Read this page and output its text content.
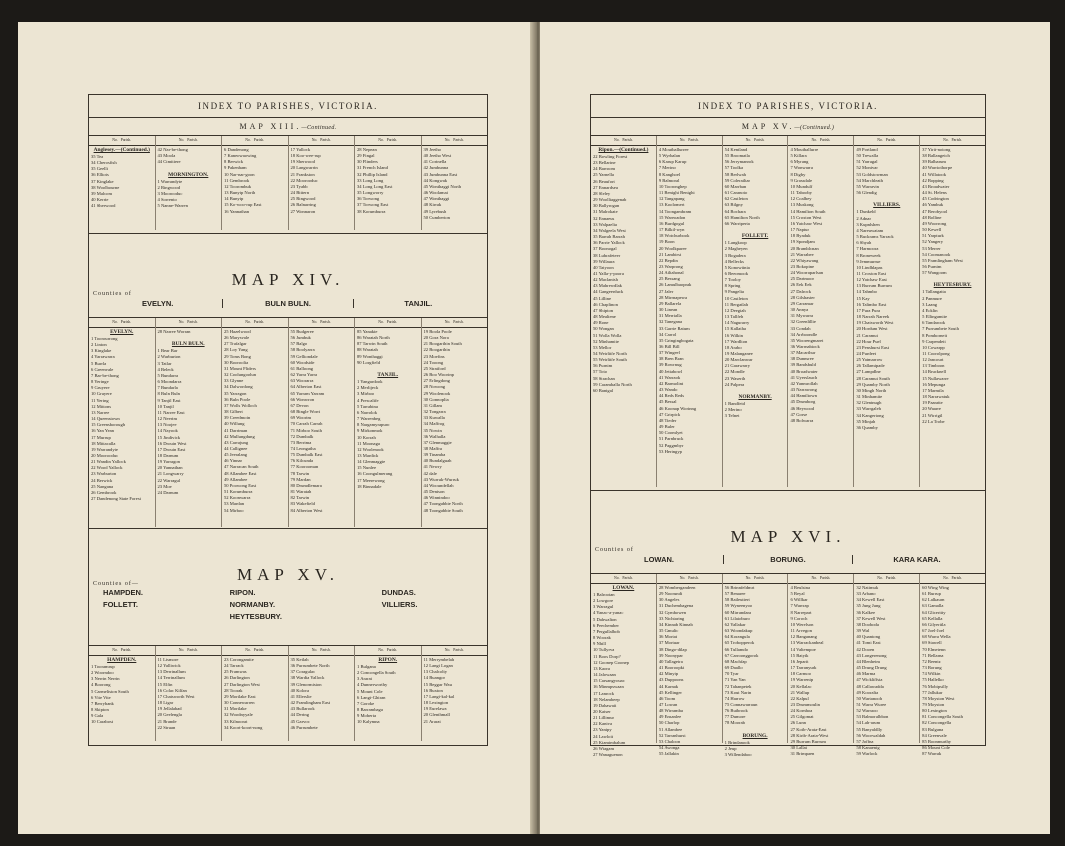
INDEX TO PARISHES, VICTORIA.
MAP XIII.—Continued.
No.   Parish.	No.   Parish.	No.   Parish.	No.   Parish.	No.   Parish.	No.   Parish.
Anglesey.—(Continued.)
35 Tea
34 Cherosfish
35 Geelli
36 Elliots
37 Kinglake
38 Woolbourne
39 Malcom
40 Kerrie
41 Sherwood
42 Nar-be-thong
43 Moola
44 Cimitiere

MORNINGTON.
1 Warrandyte
2 Ringwood
3 Moorooduc
4 Sorrento
5 Nanne-Warren
6 Dandenong
7 Kaneowaowing
8 Berwick
9 Pakenham
10 Nar-nar-goon
11 Gembrook
12 Toorombuk
13 Bunyip North
14 Bunyip
15 Ko-woo-rup East
16 Yannathan
17 Yallock
18 Koo-wee-rup
19 Sherwood
20 Langwarrin
21 Frankston
22 Moorooduc
23 Tyabb
24 Bittern
25 Ringwood
26 Balnarring
27 Wonnaron
28 Nepean
29 Fingal
30 Flinders
31 French Island
32 Phillip Island
33 Long Long
34 Long Long East
35 Longworry
36 Torwong
37 Torwong East
38 Korumburra
39 Jeetho
40 Jeetho West
41 Corinella
42 Jumbunna
43 Jumbunna East
44 Kongwak
45 Wonthaggi North
46 Woolamai
47 Wonthaggi
48 Kirrak
49 Lyrebush
50 Cumberton
MAP XIV.
Counties of
EVELYN.	BULN BULN.	TANJIL.
No.   Parish.	No.   Parish.	No.   Parish.	No.   Parish.	No.   Parish.	No.   Parish.
EVELYN.
1 Toorourrong
2 Linton
3 Kinglake
4 Yarrawarra
5 Burrla
6 Greenvale
7 Bar-be-thong
8 Yeringe
9 Gruyere
10 Gruyere
11 Yering
12 Mittons
13 Narree
14 Queenstown
15 Greensborough
16 Yan Yean
17 Murrup
18 Mittacalla
19 Warrandyte
20 Moorooduc
21 Wandin Yallock
22 Wood Yallock
23 Warburton
24 Berwick
25 Nangana
26 Gembrook
27 Dandenong State Forest
28 Narree Worran

BULN BULN.
1 Bear Bar
2 Warburton
3 Tatlar
4 Beleck
5 Bundarra
6 Moondarra
7 Bundarla
8 Buln Buln
9 Tanjil East
10 Tanjil
11 Narree East
12 Neerim
13 Noojee
14 Nayook
15 Jindivick
16 Drouin West
17 Drouin East
18 Darnum
19 Yarragon
20 Yannathan
21 Longwarry
22 Warragul
23 Moe
24 Darnum
25 Hazelwood
26 Marysvale
27 Trafalgar
28 Loy Yang
29 Toms Bong
30 Booroolia
31 Mount Fliders
32 Coolungoolun
33 Glynne
34 Dalwordong
35 Yarragon
36 Buln Poole
37 Wolls Wolloch
38 Gilbert
39 Creedmoin
40 Willung
41 Darriman
42 Mullungdung
43 Carrajung
44 Callignee
45 Jeeralang
46 Yinnar
47 Narracan South
48 Allambee East
49 Allambee
50 Poowong East
51 Korumburra
52 Koonwarra
53 Mardan
54 Mirboo
55 Budgeree
56 Jumbuk
57 Balgo
58 Boolyarra
59 Gelliondale
60 Woodside
61 Balloong
62 Yarra Yarra
63 Woorarra
64 Alberton East
65 Yarram Yarram
66 Wonwron
67 Devon
68 Bingle Worri
69 Woorim
70 Carrah Carrah
71 Mirboo South
72 Dumbalk
73 Berrima
74 Leongatha
75 Dumbalk East
76 Kilcunda
77 Koorooman
78 Tarwin
79 Mardan
80 Drumdlemara
81 Waratah
82 Tarwin
83 Wakefield
84 Alberton West
85 Yanakie
86 Waratah North
87 Tarwin South
88 Waratah
89 Wonthaggi
90 Lorgfield

TANJIL.
1 Yangardook
2 Merlijeck
3 Mirboo
4 Prescalife
5 Tarrabina
6 Narrolok
7 Warrenbeg
8 Nargamyrapuro
9 Mirkonmok
10 Korrah
11 Moonaga
12 Woolenook
13 Mardick
14 Glenmaggie
15 Nunlee
16 Coongulmerang
17 Meerewong
18 Binnadale
19 Boola Poole
20 Gora Nora
21 Boogarthin South
22 Boogarthin
23 Moefins
24 Tooong
25 Stratford
26 Boo Woorinp
27 Erlingdong
28 Nowong
29 Woolenook
30 Gonnoplia
31 Gillam
32 Tongarra
33 Kuwalla
34 Maffrog
35 Nowin
36 Walhalla
37 Glenmaggie
38 Maffra
39 Tinamba
40 Bundalguah
41 Newry
42 dale
43 Wurruk-Wurruk
44 Wooundellah
45 Denison
46 Winnindoo
47 Toongabbie North
48 Toongabbie South
MAP XV.
Counties of—
HAMPDEN.
FOLLETT.
RIPON.
NORMANBY.
HEYTESBURY.
DUNDAS.
VILLIERS.
No.   Parish.	No.   Parish.	No.   Parish.	No.   Parish.	No.   Parish.	No.   Parish.
HAMPDEN.
1 Tooramrup
2 Woorndoo
3 Nerrin Nerrin
4 Boorong
5 Carmeliston South
6 Vite Vite
7 Berrybank
8 Skipton
9 Gala
10 Carabost
11 Lismore
12 Yalliwick
13 Derrinallum
14 Terrinallum
15 Elfin
16 Colac Kilfan
17 Chatsworth West
18 Ligar
19 Jellalabad
20 Geelengla
21 Brande
22 Struan
23 Corongamite
24 Tarrack
25 Framwas
26 Darlington
27 Darlington West
28 Toorak
29 Mortlake East
30 Connewarren
31 Mortlake
32 Woodnyyale
33 Kilnoorat
34 Koort-koort-nong
35 Keilah
36 Purrumbete North
37 Coragulac
38 Wardia Yallock
39 Glenormiston
40 Kolora
41 Ellerslie
42 Framlingham East
43 Bullarook
44 Dering
45 Garvoc
46 Purrumbete
RIPON.
1 Bulgana
2 Concongella South
3 Ararat
4 Dunnerworthy
5 Mount Cole
6 Langi-Ghiran
7 Goroke
8 Barrambaga
9 Moberta
10 Kalymna
11 Merrymbelah
12 Langi Logan
13 Chalcolty
14 Buangor
15 Beggar Wau
16 Buxton
17 Langi-kal-kal
18 Lexington
19 Eurelawa
20 Glenthmall
21 Ararat
INDEX TO PARISHES, VICTORIA.
MAP XV.—(Continued.)
No.   Parish.	No.   Parish.	No.   Parish.	No.   Parish.	No.   Parish.	No.   Parish.
Ripon.—(Continued.)
22 Bowling Forest
23 Bellarine
24 Barroom
25 Yarnella
26 Beaufort
27 Ennardsea
28 Sleley
29 Woolliaggenab
30 Ballyrogan
31 Malrokate
32 Ennaeus
33 Walpaelia
34 Walgeela West
35 Barrah Barrah
36 Parrie Yallock
37 Boonogal
38 Lubrafeteer
39 Willaura
40 Tatyoon
41 Yalla-y-poora
42 Maclanish
43 Mahrewdlak
44 Gangeerduck
45 Lilline
46 Chaplinon
47 Shipton
48 Mealiene
49 Rone
50 Wongan
51 Wolla Wolla
52 Minhamite
53 Mellor
54 Weirlitfe North
55 Weirlitfe South
56 Purnim
57 Toto
58 Strachan
59 Caramballa North
60 Banigal
4 Moutballurree
5 Wyrbalan
6 Karup Karup
7 Merino
8 Kanghoel
9 Balmoral
10 Tooronghep
11 Benighi Benighi
12 Tangapang
13 Koolomert
14 Toongambram
15 Wareoadon
16 Burdgogul
17 Bilkil-wyn
18 Wotchurbook
19 Boon
20 Woolkparee
21 Lambirst
22 Bepdin
23 Warprong
24 Ailtahonal
25 Bessang
26 Lamulbaoprak
27 Jaler
28 Mirrnapewa
29 Ballarela
30 Linean
31 Merrialla
32 Tanegana
33 Garrie Ratum
34 Carrol
35 Gringingbogata
36 Bill Bill
37 Wingeel
38 Bren Bran
39 Rowrnug
40 Jettabowl
41 Warraok
42 Barmolint
43 Wando
44 Reds Reds
45 Bessal
46 Koonap Worinng
47 Grirpick
48 Tieder
49 Buler
50 Coomlyet
51 Parnbruck
52 Paggmbyr
53 Heringyp
54 Kentland
55 Broomatla
56 Jerrymanrok
57 Toolka
58 Berlwah
59 Colerailtar
60 Marrban
61 Caranoto
62 Castleton
63 Bilgny
64 Bochara
65 Hamilton North
66 Warriperta

FOLLETT.
1 Langkoop
2 Magheyen
3 Bogadera
4 Bellecks
5 Konowtinia
6 Beeomook
7 Tooloy
8 Spring
9 Pangelia
10 Castleton
11 Bergatlah
12 Deegiah
13 Tallfeh
14 Nagurarry
15 Kallatha
16 Wilkin
17 Wardlton
18 Arabo
19 Malanganee
20 Marclanwar
21 Garawarry
22 Mondle
23 Waserth
24 Palpera

NORMANBY.
1 Bandfeid
2 Merino
3 Telnet
4 Moutballurre
5 Killara
6 Myrang
7 Wonwarra
8 Digby
9 Grassdale
10 Mundulf
11 Tabooby
12 Coalbey
13 Muskong
14 Hamilton South
15 Croxton West
16 Yatchaw West
17 Naptur
18 Byaduk
19 Spondjam
20 Bramblcnan
21 Warrabee
22 Whiyawang
23 Bokopine
24 Woorraparlsan
25 Dartmoor
26 Eek Eek
27 Dalrock
28 Gilshaster
29 Carramar
30 Annya
31 Mywarra
32 Greenlillie
33 Condah
34 Arrboondle
35 Woorengmaret
36 Warrnabiock
37 Macarthur
38 Dunnsree
39 Bandsbuld
40 Broadwater
41 Uyerslauch
42 Yanmrollah
43 Narrawong
44 Hamiltown
45 Drumborg
46 Heywood
47 Gorse
48 Bolwarra
49 Portland
50 Trewalla
51 Yarragal
52 Monivar
53 Goldstowman
54 Marchleath
55 Warravin
56 Glendig

VILLIERS.
1 Dunkeld
2 Adnar
3 Kupnlshen
4 Nareuwatam
5 Buckrams Yarrack
6 Shyah
7 Harmoora
8 Broneweek
9 Jemmurrue
10 Lindhlapas
11 Croxton East
12 Yatchaw East
13 Burrum Burrum
14 Tahmbo
15 Kay
16 Talimbo East
17 Pura Pura
18 Narrah Nareek
19 Chatsworth West
20 Hordum West
21 Caramut
22 Hour Puel
23 Penshurst East
24 Purdeet
25 Yatmarrow
26 Tallamipade
27 Lampdlne
28 Caramut South
29 Quamby North
30 Mingh North
31 Minhamite
32 Glentnugh
33 Warrgaleh
34 Kangertong
35 Minjah
36 Quamby
37 Yirit-noiong
38 Ballangeich
39 Balbarum
40 Warriothorpe
41 Willatook
42 Bopping
43 Broadwater
44 St. Helens
45 Codrington
46 Yambuk
47 Berobyool
48 Bolline
49 Woorrong
50 Kewell
51 Yarpturk
52 Yangery
53 Merrer
54 Coomanook
55 Framlingham West
56 Purnim
57 Wangoom

HEYTESBURY.
1 Tallangatta
2 Panmure
3 Laang
4 Ecklin
5 Ellingamite
6 Tandarook
7 Purrumbete South
8 Pomborneit
9 Carpendeit
10 Cowarpp
11 Coorolpong
12 Jancourt
13 Timboon
14 Brucknell
15 Nullawarre
16 Mepunga
17 Marmila
18 Narrawatuk
19 Paaratte
20 Waarre
21 Wirrigil
22 La Trobe
MAP XVI.
Counties of
LOWAN.	BORUNG.	KARA KARA.
No.   Parish.	No.   Parish.	No.   Parish.	No.   Parish.	No.   Parish.	No.   Parish.
LOWAN.
1 Balrootan
2 Lowgore
3 Warragul
4 Yanac-a-yanac
5 Dahwalton
6 Peechember
7 Pergullalbob
8 Woorak
9 Nhill
10 Tullyrva
11 Boos Dorp?
12 Goonep Goonep
13 Kaora
14 Jalowaan
15 Carsangyouac
16 Minmpswaan
17 Lanrock
18 Nelambeep
19 Dahawaii
20 Kaiser
21 Lillimur
22 Kaniva
23 Yanipy
24 Lawloit
25 Kiamimbalum
26 Wiagam
27 Wanaguenon
28 Wombergandeen
29 Noorundi
30 Angeles
31 Duchembagena
32 Gymbowen
33 Nichtaring
34 Kinnab Kinnab
35 Gmulic
36 Mortat
37 Mortuar
38 Dingo-dilap
39 Noonypar
40 Tallageira
41 Booroopki
42 Minyip
43 Duppoons
44 Karnak
45 Kellinger
46 Toom
47 Lowan
48 Wirramba
49 Ensanlee
50 Charlop
51 Allambee
52 Tarranhurst
53 Chaloon
54 Awonga
55 Jallakin
56 Brinnfeldmrt
57 Benaree
58 Baileuttert
59 Wyneenyoo
60 Mirrandara
61 Lilaioburo
62 Yallakar
63 Woondakup
64 Korangula
65 Trobopperok
66 Tullamdo
67 Carroonggorok
68 Machfap
69 Daallo
70 Tyar
71 Yan Yan
72 Tahanpetek
73 Kout Narin
74 Harrow
75 Connawarraun
76 Buibrook
77 Dumore
78 Moorab

BORUNG.
1 Brindanook
2 Jeup
3 Willendaboo
4 Beulsina
5 Beyal
6 Willkar
7 Warrrap
8 Narrepart
9 Coroch
10 Werelson
11 Arvegon
12 Banganang
13 Warrackanbeal
14 Valtempoe
15 Batyik
16 Jeparit
17 Tarranyurk
18 Carmoo
19 Warrenip
20 Kellalac
21 Wallup
22 Kalpul
23 Drummoulin
24 Kornhoa
25 Gilgomat
26 Lunn
27 Koib-Arata-East
28 Kirib-Arata-West
29 Burrum Burrum
30 Lallat
31 Brimpaen
32 Natimuk
33 Arbano
34 Kewell East
35 Jung Jung
36 Kalkee
37 Kewell West
38 Dooboda
39 Wal
40 Quantong
41 Tomi East
42 Dooen
43 Longerenong
44 Blenheim
45 Drung Drung
46 Marma
47 Wickliffsta
48 Callawadda
49 Kooralta
50 Wartanooh
51 Warra Wuree
52 Warraoo
53 Balmoralbbon
54 Lah-arum
55 Banyaldlly
56 Woorwaldah
57 Joffna
58 Kanaenig
59 Warlock
60 Wing Wing
61 Burrup
62 Lalkaurn
63 Gamalla
64 Gliceritty
65 Kellalla
66 Gilyeritla
67 Joel-Joel
68 Warra Wella
69 Stawell
70 Elmetenn
71 Bellarna
72 Beentz
73 Borung
74 Wilkin
75 Hallelko
76 Mobipsilly
77 Jallukar
78 Moyston West
79 Moyston
80 Lexington
81 Concongella South
82 Concongella
83 Bulgana
84 Greenvale
85 Boonmurthy
86 Mount Cole
87 Warrak
